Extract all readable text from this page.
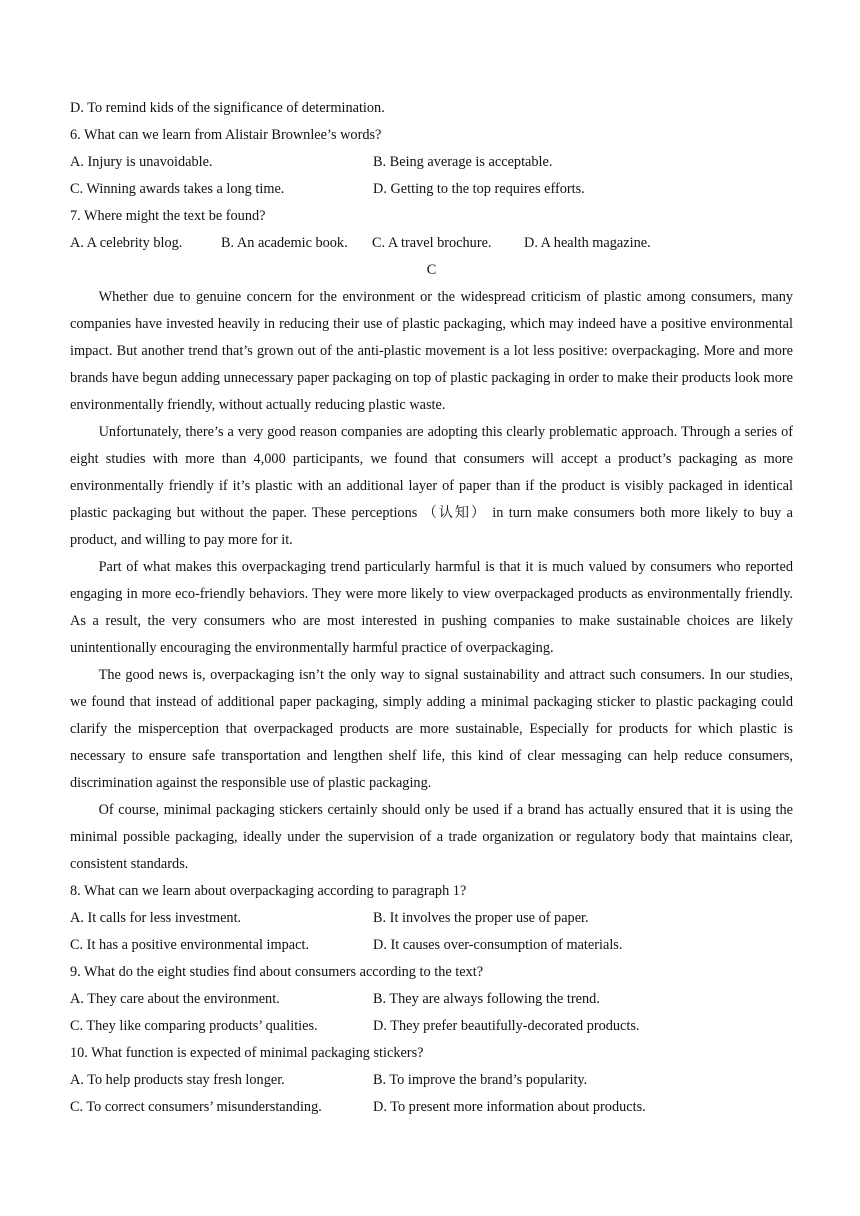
D. To remind kids of the significance of determination.
6. What can we learn from Alistair Brownlee’s words?
A. Injury is unavoidable.	B. Being average is acceptable.
C. Winning awards takes a long time.	D. Getting to the top requires efforts.
7. Where might the text be found?
A. A celebrity blog.	B. An academic book.	C. A travel brochure.	D. A health magazine.
C

Whether due to genuine concern for the environment or the widespread criticism of plastic among consumers, many companies have invested heavily in reducing their use of plastic packaging, which may indeed have a positive environmental impact. But another trend that’s grown out of the anti-plastic movement is a lot less positive: overpackaging. More and more brands have begun adding unnecessary paper packaging on top of plastic packaging in order to make their products look more environmentally friendly, without actually reducing plastic waste.

Unfortunately, there’s a very good reason companies are adopting this clearly problematic approach. Through a series of eight studies with more than 4,000 participants, we found that consumers will accept a product’s packaging as more environmentally friendly if it’s plastic with an additional layer of paper than if the product is visibly packaged in identical plastic packaging but without the paper. These perceptions （认知） in turn make consumers both more likely to buy a product, and willing to pay more for it.

Part of what makes this overpackaging trend particularly harmful is that it is much valued by consumers who reported engaging in more eco-friendly behaviors. They were more likely to view overpackaged products as environmentally friendly. As a result, the very consumers who are most interested in pushing companies to make sustainable choices are likely unintentionally encouraging the environmentally harmful practice of overpackaging.

The good news is, overpackaging isn’t the only way to signal sustainability and attract such consumers. In our studies, we found that instead of additional paper packaging, simply adding a minimal packaging sticker to plastic packaging could clarify the misperception that overpackaged products are more sustainable, Especially for products for which plastic is necessary to ensure safe transportation and lengthen shelf life, this kind of clear messaging can help reduce consumers, discrimination against the responsible use of plastic packaging.

Of course, minimal packaging stickers certainly should only be used if a brand has actually ensured that it is using the minimal possible packaging, ideally under the supervision of a trade organization or regulatory body that maintains clear, consistent standards.

8. What can we learn about overpackaging according to paragraph 1?
A. It calls for less investment.	B. It involves the proper use of paper.
C. It has a positive environmental impact.	D. It causes over-consumption of materials.
9. What do the eight studies find about consumers according to the text?
A. They care about the environment.	B. They are always following the trend.
C. They like comparing products’ qualities.	D. They prefer beautifully-decorated products.
10. What function is expected of minimal packaging stickers?
A. To help products stay fresh longer.	B. To improve the brand’s popularity.
C. To correct consumers’ misunderstanding.	D. To present more information about products.
